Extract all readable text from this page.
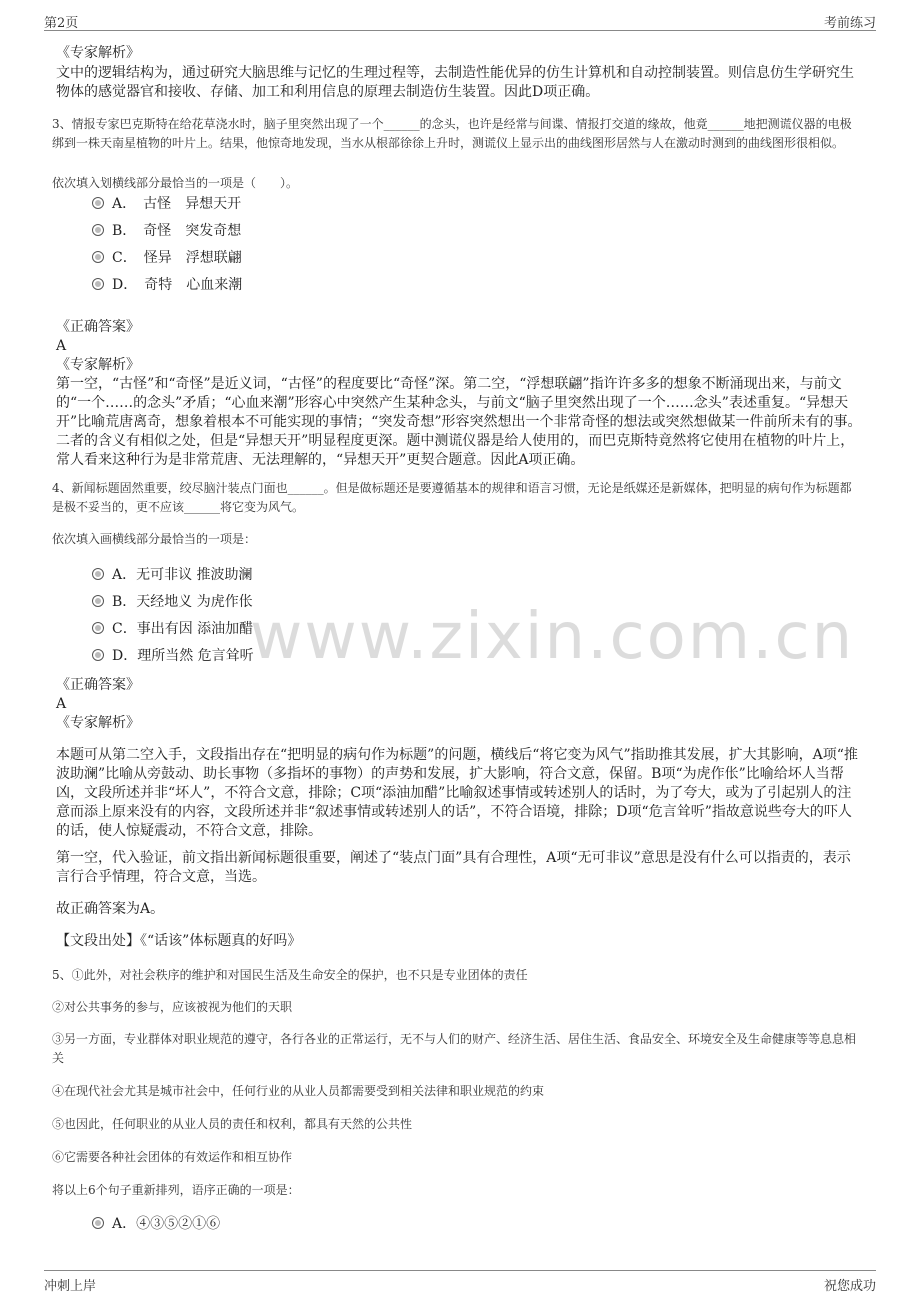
第2页	考前练习
www.zixin.com.cn
《专家解析》
文中的逻辑结构为，通过研究大脑思维与记忆的生理过程等，去制造性能优异的仿生计算机和自动控制装置。则信息仿生学研究生物体的感觉器官和接收、存储、加工和利用信息的原理去制造仿生装置。因此D项正确。
3、情报专家巴克斯特在给花草浇水时，脑子里突然出现了一个______的念头，也许是经常与间谍、情报打交道的缘故，他竟______地把测谎仪器的电极绑到一株天南星植物的叶片上。结果，他惊奇地发现，当水从根部徐徐上升时，测谎仪上显示出的曲线图形居然与人在激动时测到的曲线图形很相似。
依次填入划横线部分最恰当的一项是（　　）。
A．　古怪　异想天开
B．　奇怪　突发奇想
C．　怪异　浮想联翩
D．　奇特　心血来潮
《正确答案》
A
《专家解析》
第一空，“古怪”和“奇怪”是近义词，“古怪”的程度要比“奇怪”深。第二空，“浮想联翩”指许许多多的想象不断涌现出来，与前文的“一个……的念头”矛盾；“心血来潮”形容心中突然产生某种念头，与前文“脑子里突然出现了一个……念头”表述重复。“异想天开”比喻荒唐离奇，想象着根本不可能实现的事情；“突发奇想”形容突然想出一个非常奇怪的想法或突然想做某一件前所未有的事。二者的含义有相似之处，但是“异想天开”明显程度更深。题中测谎仪器是给人使用的，而巴克斯特竟然将它使用在植物的叶片上，常人看来这种行为是非常荒唐、无法理解的，“异想天开”更契合题意。因此A项正确。
4、新闻标题固然重要，绞尽脑汁装点门面也______。但是做标题还是要遵循基本的规律和语言习惯，无论是纸媒还是新媒体，把明显的病句作为标题都是极不妥当的，更不应该______将它变为风气。
依次填入画横线部分最恰当的一项是：
A．无可非议 推波助澜
B．天经地义 为虎作伥
C．事出有因 添油加醋
D．理所当然 危言耸听
《正确答案》
A
《专家解析》
本题可从第二空入手，文段指出存在“把明显的病句作为标题”的问题，横线后“将它变为风气”指助推其发展，扩大其影响，A项“推波助澜”比喻从旁鼓动、助长事物（多指坏的事物）的声势和发展，扩大影响，符合文意，保留。B项“为虎作伥”比喻给坏人当帮凶，文段所述并非“坏人”，不符合文意，排除；C项“添油加醋”比喻叙述事情或转述别人的话时，为了夸大，或为了引起别人的注意而添上原来没有的内容，文段所述并非“叙述事情或转述别人的话”，不符合语境，排除；D项“危言耸听”指故意说些夸大的吓人的话，使人惊疑震动，不符合文意，排除。
第一空，代入验证，前文指出新闻标题很重要，阐述了“装点门面”具有合理性，A项“无可非议”意思是没有什么可以指责的，表示言行合乎情理，符合文意，当选。
故正确答案为A。
【文段出处】《“话该”体标题真的好吗》
5、①此外，对社会秩序的维护和对国民生活及生命安全的保护，也不只是专业团体的责任
②对公共事务的参与，应该被视为他们的天职
③另一方面，专业群体对职业规范的遵守，各行各业的正常运行，无不与人们的财产、经济生活、居住生活、食品安全、环境安全及生命健康等等息息相关
④在现代社会尤其是城市社会中，任何行业的从业人员都需要受到相关法律和职业规范的约束
⑤也因此，任何职业的从业人员的责任和权利，都具有天然的公共性
⑥它需要各种社会团体的有效运作和相互协作
将以上6个句子重新排列，语序正确的一项是：
A．④③⑤②①⑥
冲刺上岸	祝您成功
